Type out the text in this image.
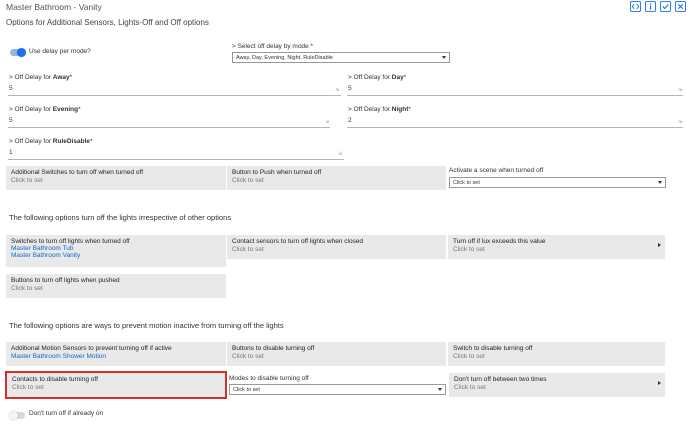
Master Bathroom - Vanity
Options for Additional Sensors, Lights-Off and Off options
Use delay per mode?
> Select off delay by mode *
Away, Day, Evening, Night, RuleDisable
> Off Delay for Away*
5	⇲
> Off Delay for Day*
5	⇲
> Off Delay for Evening*
5	⇲
> Off Delay for Night*
2	⇲
> Off Delay for RuleDisable*
1	⇲
Additional Switches to turn off when turned off
Click to set
Button to Push when turned off
Click to set
Activate a scene when turned off
Click to set
The following options turn off the lights irrespective of other options
Switches to turn off lights when turned off
Master Bathroom Tub
Master Bathroom Vanity
Contact sensors to turn off lights when closed
Click to set
Turn off if lux exceeds this value
Click to set
Buttons to turn off lights when pushed
Click to set
The following options are ways to prevent motion inactive from turning off the lights
Additional Motion Sensors to prevent turning off if active
Master Bathroom Shower Motion
Buttons to disable turning off
Click to set
Switch to disable turning off
Click to set
Contacts to disable turning off
Click to set
Modes to disable turning off
Click to set
Don't turn off between two times
Click to set
Don't turn off if already on
